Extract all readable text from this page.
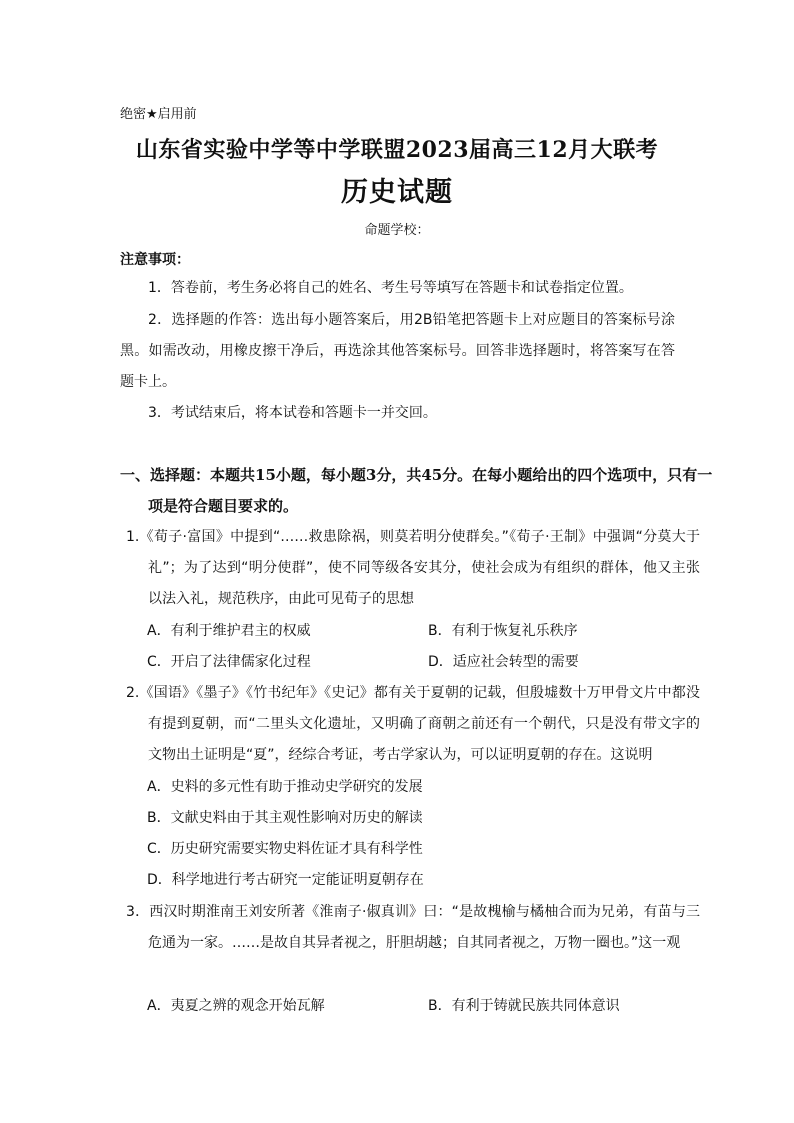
绝密★启用前
山东省实验中学等中学联盟2023届高三12月大联考
历史试题
命题学校：
注意事项：
1．答卷前，考生务必将自己的姓名、考生号等填写在答题卡和试卷指定位置。
2．选择题的作答：选出每小题答案后，用2B铅笔把答题卡上对应题目的答案标号涂黑。如需改动，用橡皮擦干净后，再选涂其他答案标号。回答非选择题时，将答案写在答题卡上。
3．考试结束后，将本试卷和答题卡一并交回。
一、选择题：本题共15小题，每小题3分，共45分。在每小题给出的四个选项中，只有一项是符合题目要求的。
1.《荀子·富国》中提到“……救患除祸，则莫若明分使群矣。”《荀子·王制》中强调“分莫大于礼”；为了达到“明分使群”，使不同等级各安其分，使社会成为有组织的群体，他又主张以法入礼，规范秩序，由此可见荀子的思想
A．有利于维护君主的权威	B．有利于恢复礼乐秩序
C．开启了法律儒家化过程	D．适应社会转型的需要
2.《国语》《墨子》《竹书纪年》《史记》都有关于夏朝的记载，但殷墟数十万甲骨文片中都没有提到夏朝，而“二里头文化遗址，又明确了商朝之前还有一个朝代，只是没有带文字的文物出土证明是“夏”，经综合考证，考古学家认为，可以证明夏朝的存在。这说明
A．史料的多元性有助于推动史学研究的发展
B．文献史料由于其主观性影响对历史的解读
C．历史研究需要实物史料佐证才具有科学性
D．科学地进行考古研究一定能证明夏朝存在
3．西汉时期淮南王刘安所著《淮南子·俶真训》曰：“是故槐榆与橘柚合而为兄弟，有苗与三危通为一家。……是故自其异者视之，肝胆胡越；自其同者视之，万物一圈也。”这一观
A．夷夏之辨的观念开始瓦解	B．有利于铸就民族共同体意识
